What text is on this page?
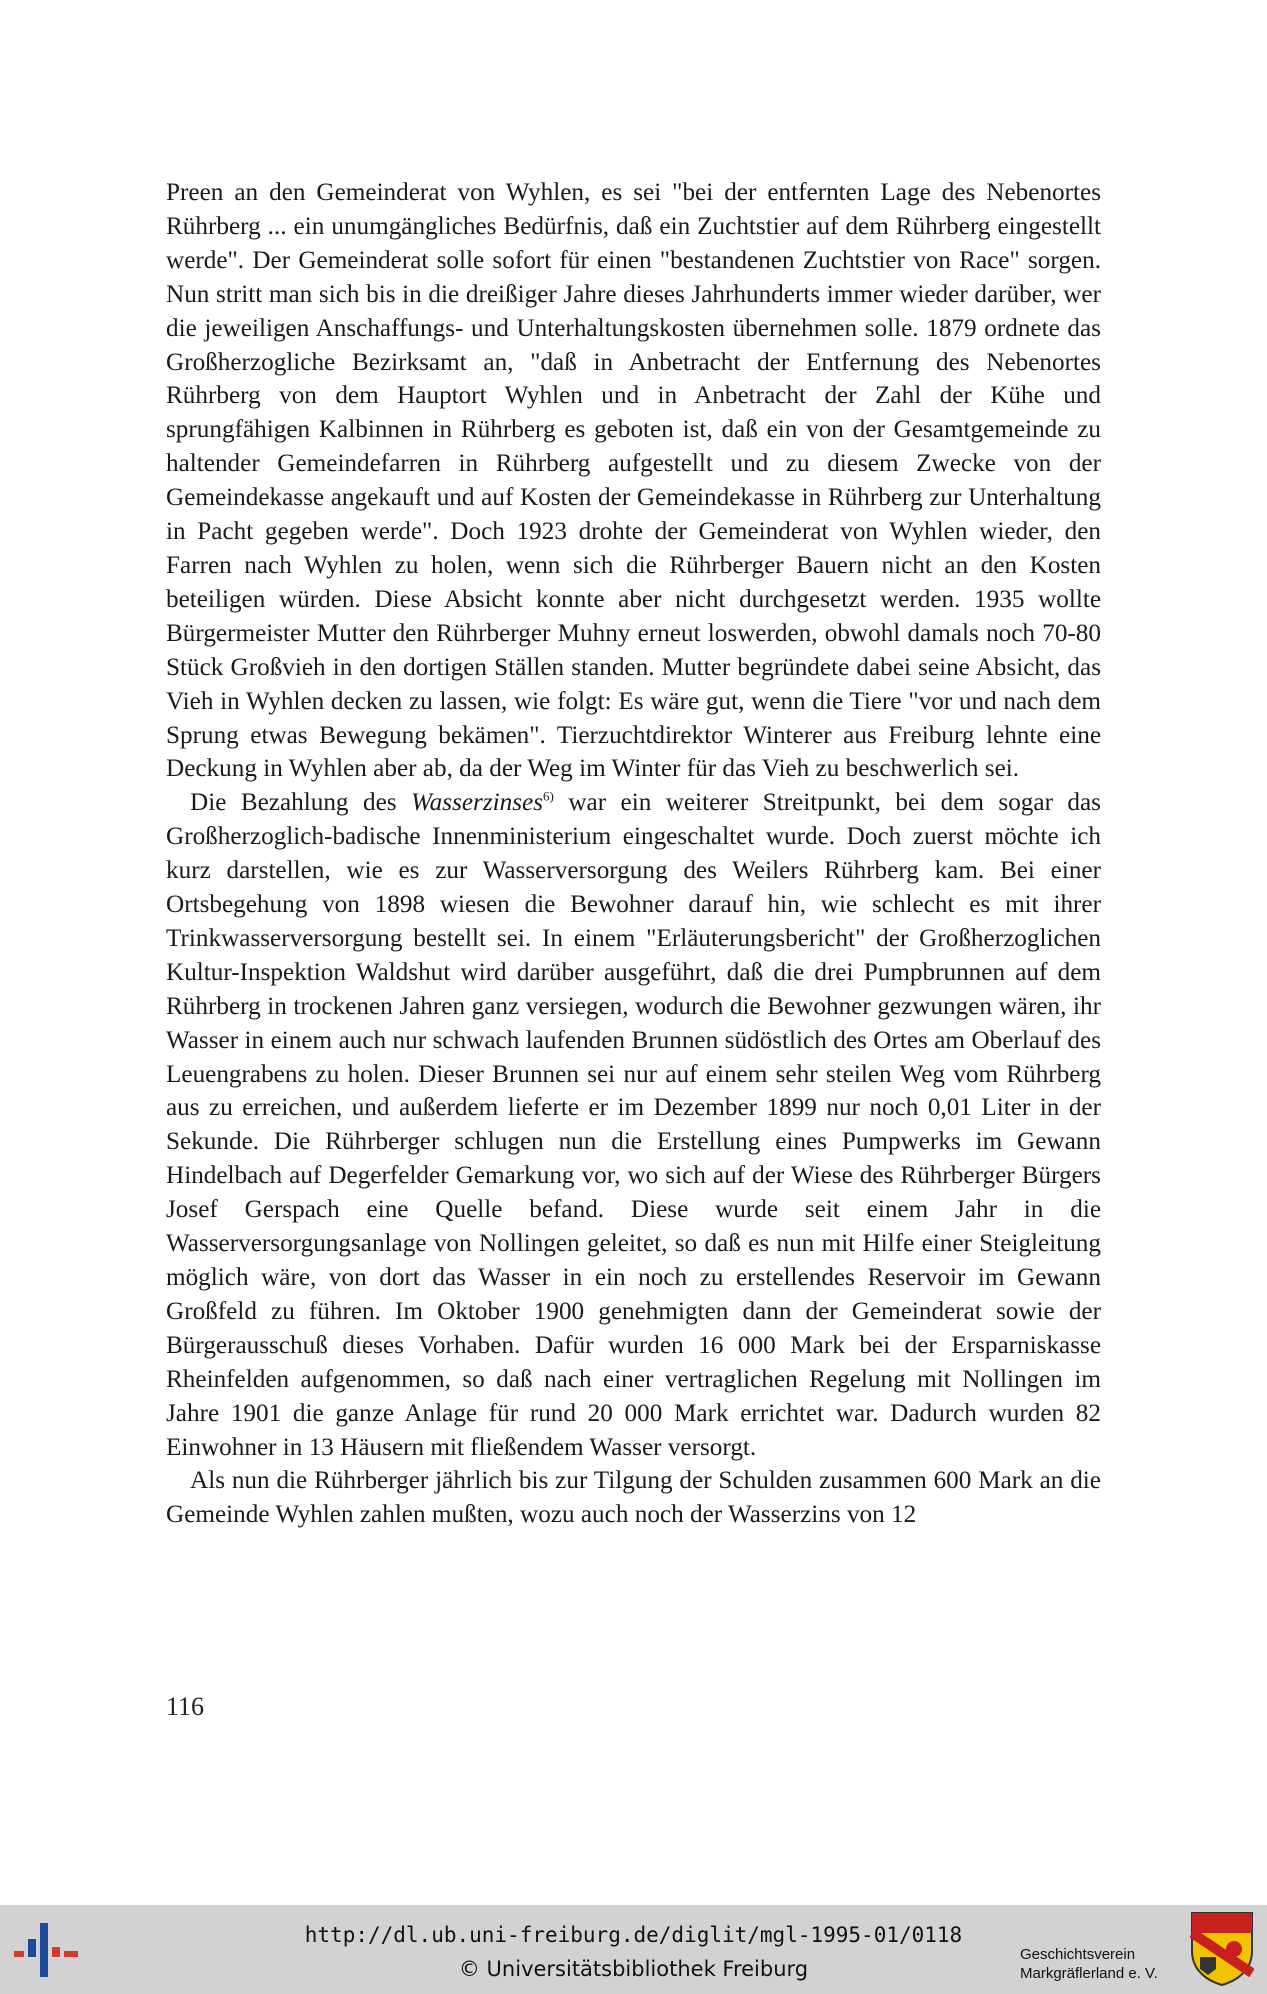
Preen an den Gemeinderat von Wyhlen, es sei "bei der entfernten Lage des Nebenortes Rührberg ... ein unumgängliches Bedürfnis, daß ein Zuchtstier auf dem Rührberg eingestellt werde". Der Gemeinderat solle sofort für einen "bestandenen Zuchtstier von Race" sorgen. Nun stritt man sich bis in die dreißiger Jahre dieses Jahrhunderts immer wieder darüber, wer die jeweiligen Anschaffungs- und Unterhaltungskosten übernehmen solle. 1879 ordnete das Großherzogliche Bezirksamt an, "daß in Anbetracht der Entfernung des Nebenortes Rührberg von dem Hauptort Wyhlen und in Anbetracht der Zahl der Kühe und sprungfähigen Kalbinnen in Rührberg es geboten ist, daß ein von der Gesamtgemeinde zu haltender Gemeindefarren in Rührberg aufgestellt und zu diesem Zwecke von der Gemeindekasse angekauft und auf Kosten der Gemeindekasse in Rührberg zur Unterhaltung in Pacht gegeben werde". Doch 1923 drohte der Gemeinderat von Wyhlen wieder, den Farren nach Wyhlen zu holen, wenn sich die Rührberger Bauern nicht an den Kosten beteiligen würden. Diese Absicht konnte aber nicht durchgesetzt werden. 1935 wollte Bürgermeister Mutter den Rührberger Muhny erneut loswerden, obwohl damals noch 70-80 Stück Großvieh in den dortigen Ställen standen. Mutter begründete dabei seine Absicht, das Vieh in Wyhlen decken zu lassen, wie folgt: Es wäre gut, wenn die Tiere "vor und nach dem Sprung etwas Bewegung bekämen". Tierzuchtdirektor Winterer aus Freiburg lehnte eine Deckung in Wyhlen aber ab, da der Weg im Winter für das Vieh zu beschwerlich sei.

Die Bezahlung des Wasserzinses$^{6)}$ war ein weiterer Streitpunkt, bei dem sogar das Großherzoglich-badische Innenministerium eingeschaltet wurde. Doch zuerst möchte ich kurz darstellen, wie es zur Wasserversorgung des Weilers Rührberg kam. Bei einer Ortsbegehung von 1898 wiesen die Bewohner darauf hin, wie schlecht es mit ihrer Trinkwasserversorgung bestellt sei. In einem "Erläuterungsbericht" der Großherzoglichen Kultur-Inspektion Waldshut wird darüber ausgeführt, daß die drei Pumpbrunnen auf dem Rührberg in trockenen Jahren ganz versiegen, wodurch die Bewohner gezwungen wären, ihr Wasser in einem auch nur schwach laufenden Brunnen südöstlich des Ortes am Oberlauf des Leuengrabens zu holen. Dieser Brunnen sei nur auf einem sehr steilen Weg vom Rührberg aus zu erreichen, und außerdem lieferte er im Dezember 1899 nur noch 0,01 Liter in der Sekunde. Die Rührberger schlugen nun die Erstellung eines Pumpwerks im Gewann Hindelbach auf Degerfelder Gemarkung vor, wo sich auf der Wiese des Rührberger Bürgers Josef Gerspach eine Quelle befand. Diese wurde seit einem Jahr in die Wasserversorgungsanlage von Nollingen geleitet, so daß es nun mit Hilfe einer Steigleitung möglich wäre, von dort das Wasser in ein noch zu erstellendes Reservoir im Gewann Großfeld zu führen. Im Oktober 1900 genehmigten dann der Gemeinderat sowie der Bürgerausschuß dieses Vorhaben. Dafür wurden 16 000 Mark bei der Ersparniskasse Rheinfelden aufgenommen, so daß nach einer vertraglichen Regelung mit Nollingen im Jahre 1901 die ganze Anlage für rund 20 000 Mark errichtet war. Dadurch wurden 82 Einwohner in 13 Häusern mit fließendem Wasser versorgt.

Als nun die Rührberger jährlich bis zur Tilgung der Schulden zusammen 600 Mark an die Gemeinde Wyhlen zahlen mußten, wozu auch noch der Wasserzins von 12

116
http://dl.ub.uni-freiburg.de/diglit/mgl-1995-01/0118
© Universitätsbibliothek Freiburg
Geschichtsverein
Markgräflerland e. V.
